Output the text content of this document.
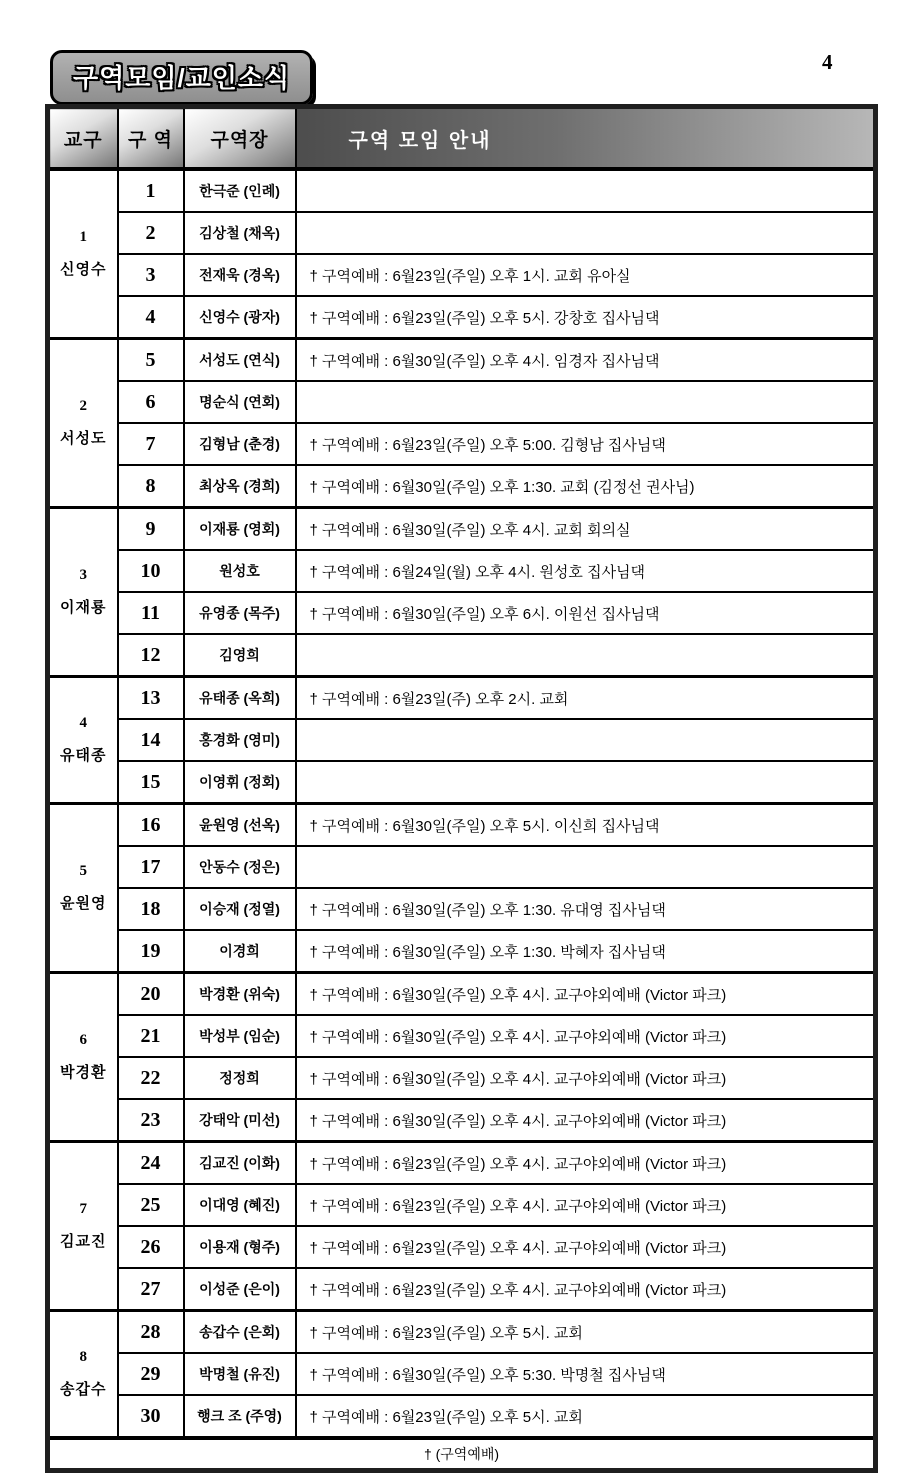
구역모임/교인소식
4
교구	구 역	구역장	구역 모임 안내

1
신영수	1	한극준 (인례)	
	2	김상철 (채옥)	
	3	전재욱 (경옥)	† 구역예배 : 6월23일(주일) 오후 1시. 교회 유아실
	4	신영수 (광자)	† 구역예배 : 6월23일(주일) 오후 5시. 강창호 집사님댁

2
서성도	5	서성도 (연식)	† 구역예배 : 6월30일(주일) 오후 4시. 임경자 집사님댁
	6	명순식 (연회)	
	7	김형남 (춘경)	† 구역예배 : 6월23일(주일) 오후 5:00. 김형남 집사님댁
	8	최상옥 (경희)	† 구역예배 : 6월30일(주일) 오후 1:30. 교회 (김정선 권사님)

3
이재룡	9	이재룡 (영회)	† 구역예배 : 6월30일(주일) 오후 4시. 교회 회의실
	10	원성호	† 구역예배 : 6월24일(월) 오후 4시. 원성호 집사님댁
	11	유영종 (목주)	† 구역예배 : 6월30일(주일) 오후 6시. 이원선 집사님댁
	12	김영희	

4
유태종	13	유태종 (옥희)	† 구역예배 : 6월23일(주) 오후 2시. 교회
	14	홍경화 (영미)	
	15	이영휘 (정회)	

5
윤원영	16	윤원영 (선옥)	† 구역예배 : 6월30일(주일) 오후 5시. 이신희 집사님댁
	17	안동수 (정은)	
	18	이승재 (정열)	† 구역예배 : 6월30일(주일) 오후 1:30. 유대영 집사님댁
	19	이경희	† 구역예배 : 6월30일(주일) 오후 1:30. 박혜자 집사님댁

6
박경환	20	박경환 (위숙)	† 구역예배 : 6월30일(주일) 오후 4시. 교구야외예배 (Victor 파크)
	21	박성부 (임순)	† 구역예배 : 6월30일(주일) 오후 4시. 교구야외예배 (Victor 파크)
	22	정정희	† 구역예배 : 6월30일(주일) 오후 4시. 교구야외예배 (Victor 파크)
	23	강태악 (미선)	† 구역예배 : 6월30일(주일) 오후 4시. 교구야외예배 (Victor 파크)

7
김교진	24	김교진 (이화)	† 구역예배 : 6월23일(주일) 오후 4시. 교구야외예배 (Victor 파크)
	25	이대영 (혜진)	† 구역예배 : 6월23일(주일) 오후 4시. 교구야외예배 (Victor 파크)
	26	이용재 (형주)	† 구역예배 : 6월23일(주일) 오후 4시. 교구야외예배 (Victor 파크)
	27	이성준 (은이)	† 구역예배 : 6월23일(주일) 오후 4시. 교구야외예배 (Victor 파크)

8
송갑수	28	송갑수 (은회)	† 구역예배 : 6월23일(주일) 오후 5시. 교회
	29	박명철 (유진)	† 구역예배 : 6월30일(주일) 오후 5:30. 박명철 집사님댁
	30	행크 조 (주영)	† 구역예배 : 6월23일(주일) 오후 5시. 교회
† (구역예배)			
